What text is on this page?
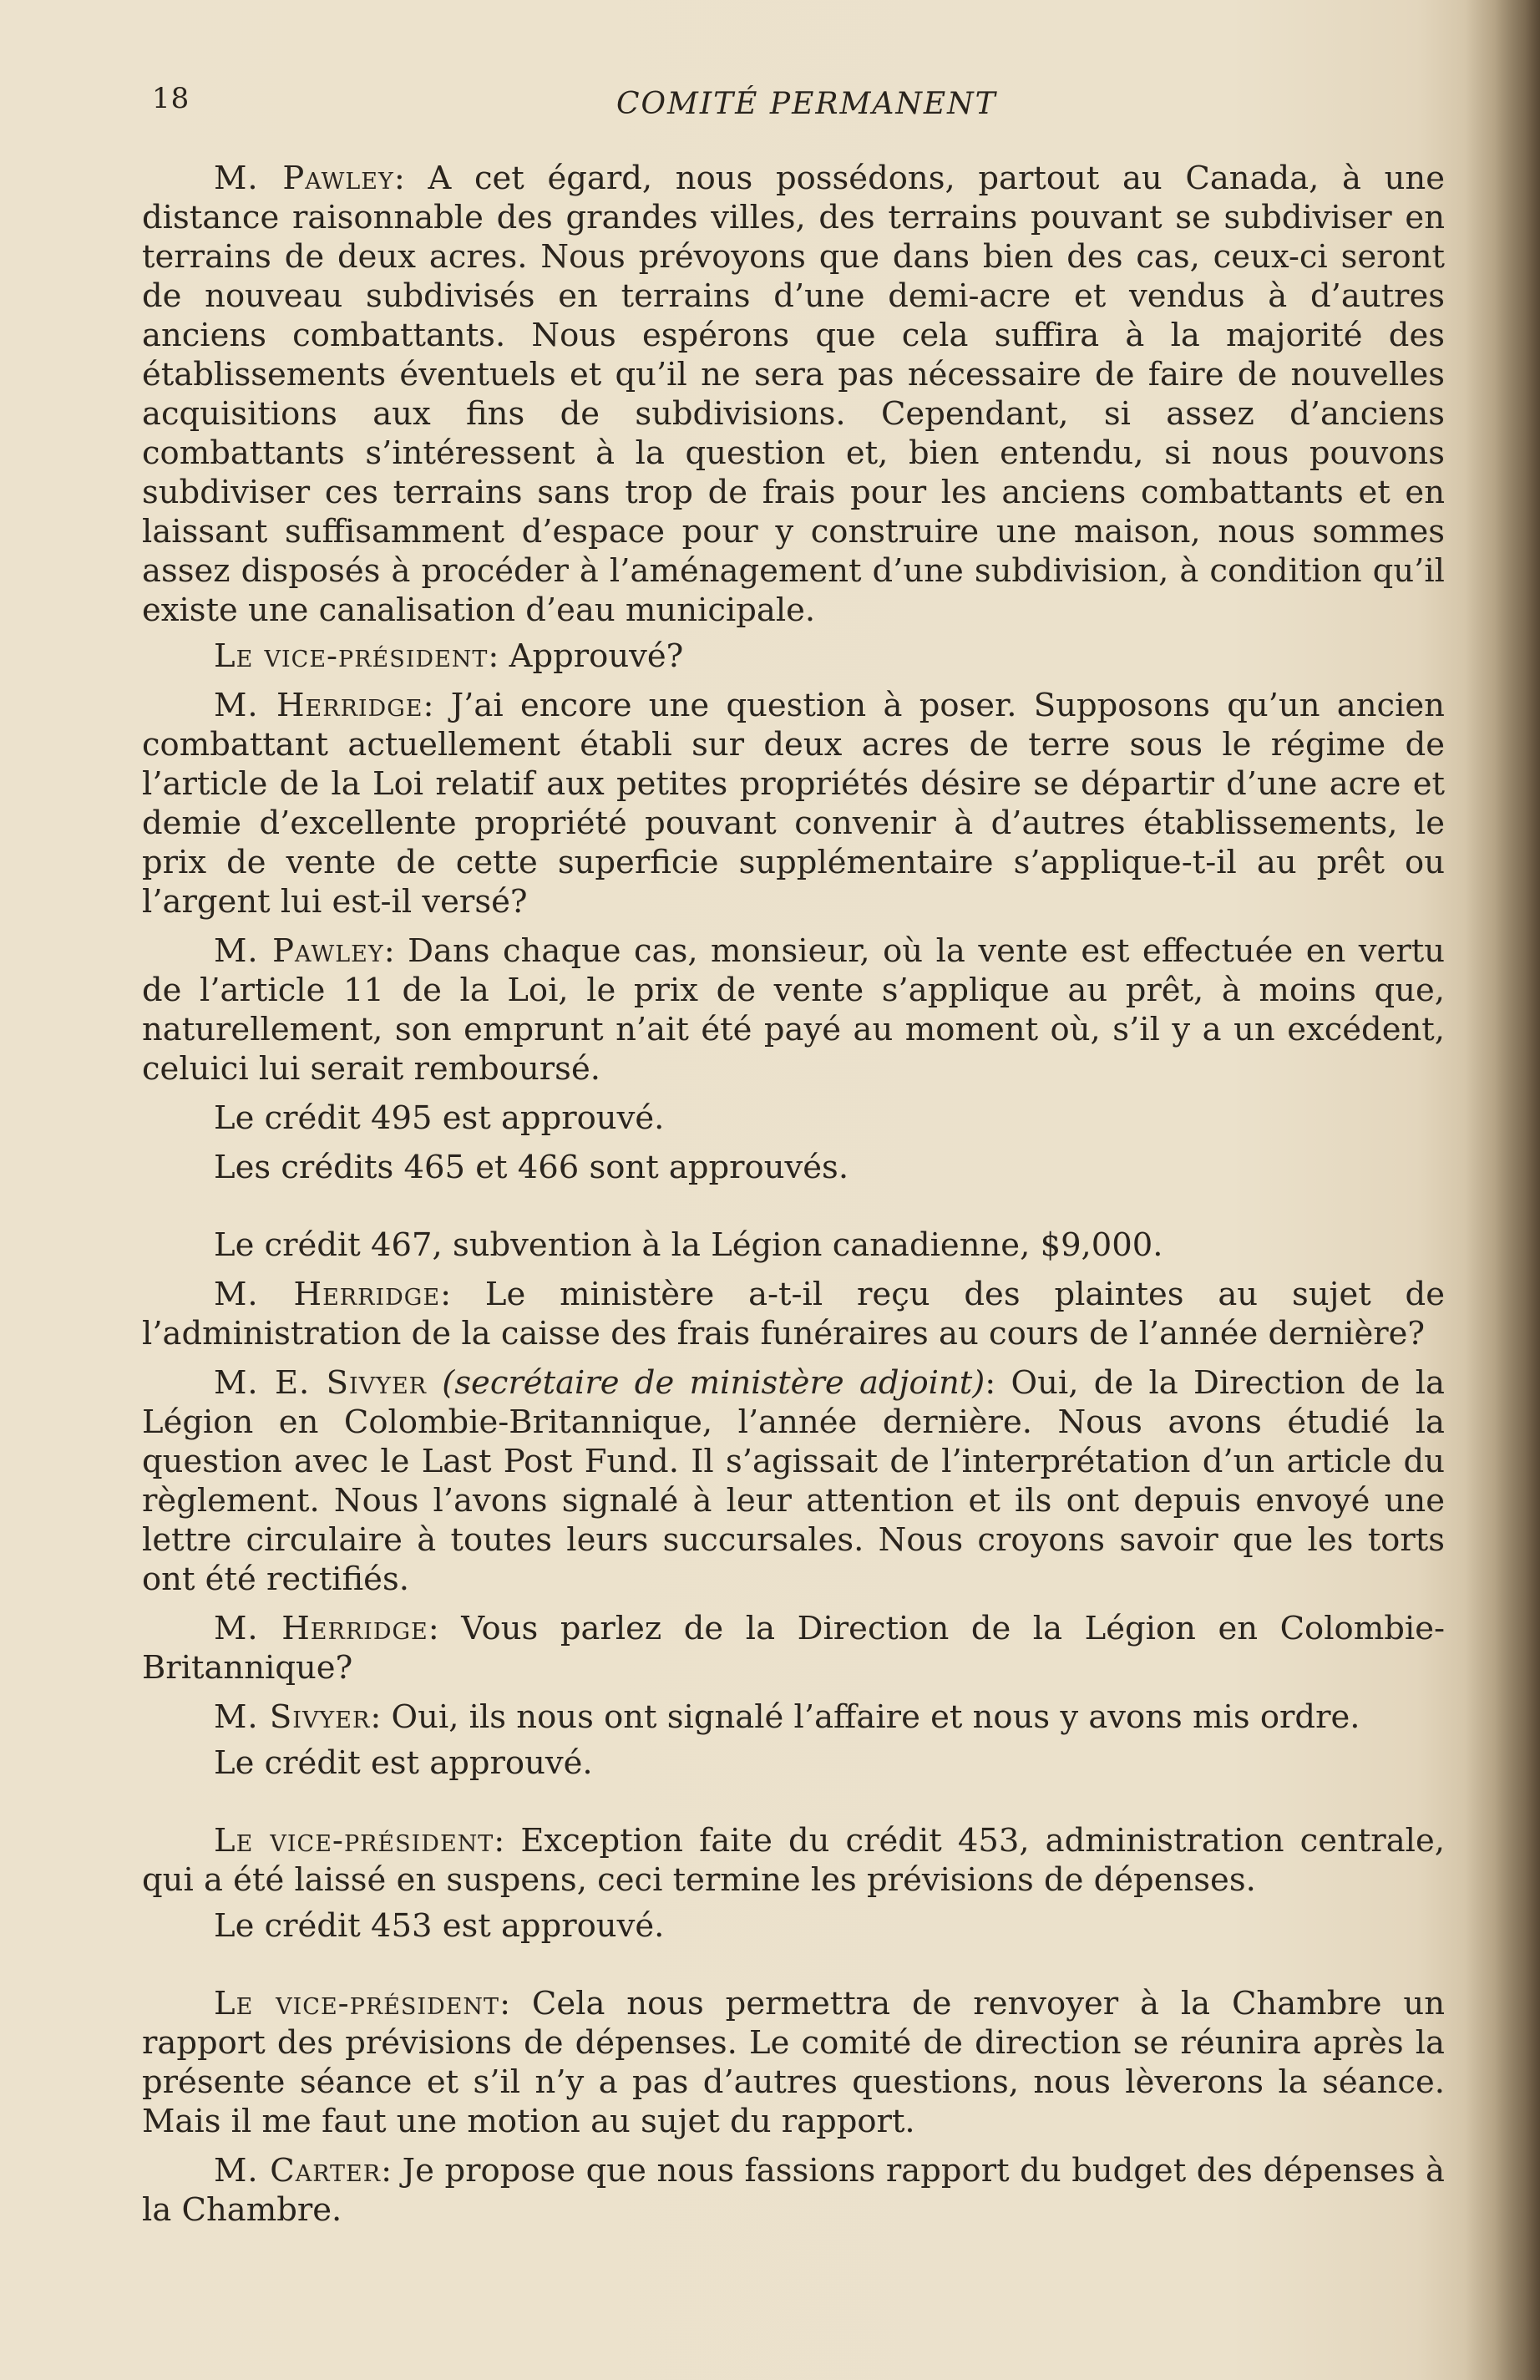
18	COMITÉ PERMANENT

M. Pawley: A cet égard, nous possédons, partout au Canada, à une distance raisonnable des grandes villes, des terrains pouvant se subdiviser en terrains de deux acres. Nous prévoyons que dans bien des cas, ceux-ci seront de nouveau subdivisés en terrains d’une demi-acre et vendus à d’autres anciens combattants. Nous espérons que cela suffira à la majorité des établissements éventuels et qu’il ne sera pas nécessaire de faire de nouvelles acquisitions aux fins de subdivisions. Cependant, si assez d’anciens combattants s’intéressent à la question et, bien entendu, si nous pouvons subdiviser ces terrains sans trop de frais pour les anciens combattants et en laissant suffisamment d’espace pour y construire une maison, nous sommes assez disposés à procéder à l’aménagement d’une subdivision, à condition qu’il existe une canalisation d’eau municipale.

Le vice-président: Approuvé?

M. Herridge: J’ai encore une question à poser. Supposons qu’un ancien combattant actuellement établi sur deux acres de terre sous le régime de l’article de la Loi relatif aux petites propriétés désire se départir d’une acre et demie d’excellente propriété pouvant convenir à d’autres établissements, le prix de vente de cette superficie supplémentaire s’applique-t-il au prêt ou l’argent lui est-il versé?

M. Pawley: Dans chaque cas, monsieur, où la vente est effectuée en vertu de l’article 11 de la Loi, le prix de vente s’applique au prêt, à moins que, naturellement, son emprunt n’ait été payé au moment où, s’il y a un excédent, celuici lui serait remboursé.

Le crédit 495 est approuvé.

Les crédits 465 et 466 sont approuvés.

Le crédit 467, subvention à la Légion canadienne, $9,000.

M. Herridge: Le ministère a-t-il reçu des plaintes au sujet de l’administration de la caisse des frais funéraires au cours de l’année dernière?

M. E. Sivyer (secrétaire de ministère adjoint): Oui, de la Direction de la Légion en Colombie-Britannique, l’année dernière. Nous avons étudié la question avec le Last Post Fund. Il s’agissait de l’interprétation d’un article du règlement. Nous l’avons signalé à leur attention et ils ont depuis envoyé une lettre circulaire à toutes leurs succursales. Nous croyons savoir que les torts ont été rectifiés.

M. Herridge: Vous parlez de la Direction de la Légion en Colombie-Britannique?

M. Sivyer: Oui, ils nous ont signalé l’affaire et nous y avons mis ordre.

Le crédit est approuvé.

Le vice-président: Exception faite du crédit 453, administration centrale, qui a été laissé en suspens, ceci termine les prévisions de dépenses.

Le crédit 453 est approuvé.

Le vice-président: Cela nous permettra de renvoyer à la Chambre un rapport des prévisions de dépenses. Le comité de direction se réunira après la présente séance et s’il n’y a pas d’autres questions, nous lèverons la séance. Mais il me faut une motion au sujet du rapport.

M. Carter: Je propose que nous fassions rapport du budget des dépenses à la Chambre.
